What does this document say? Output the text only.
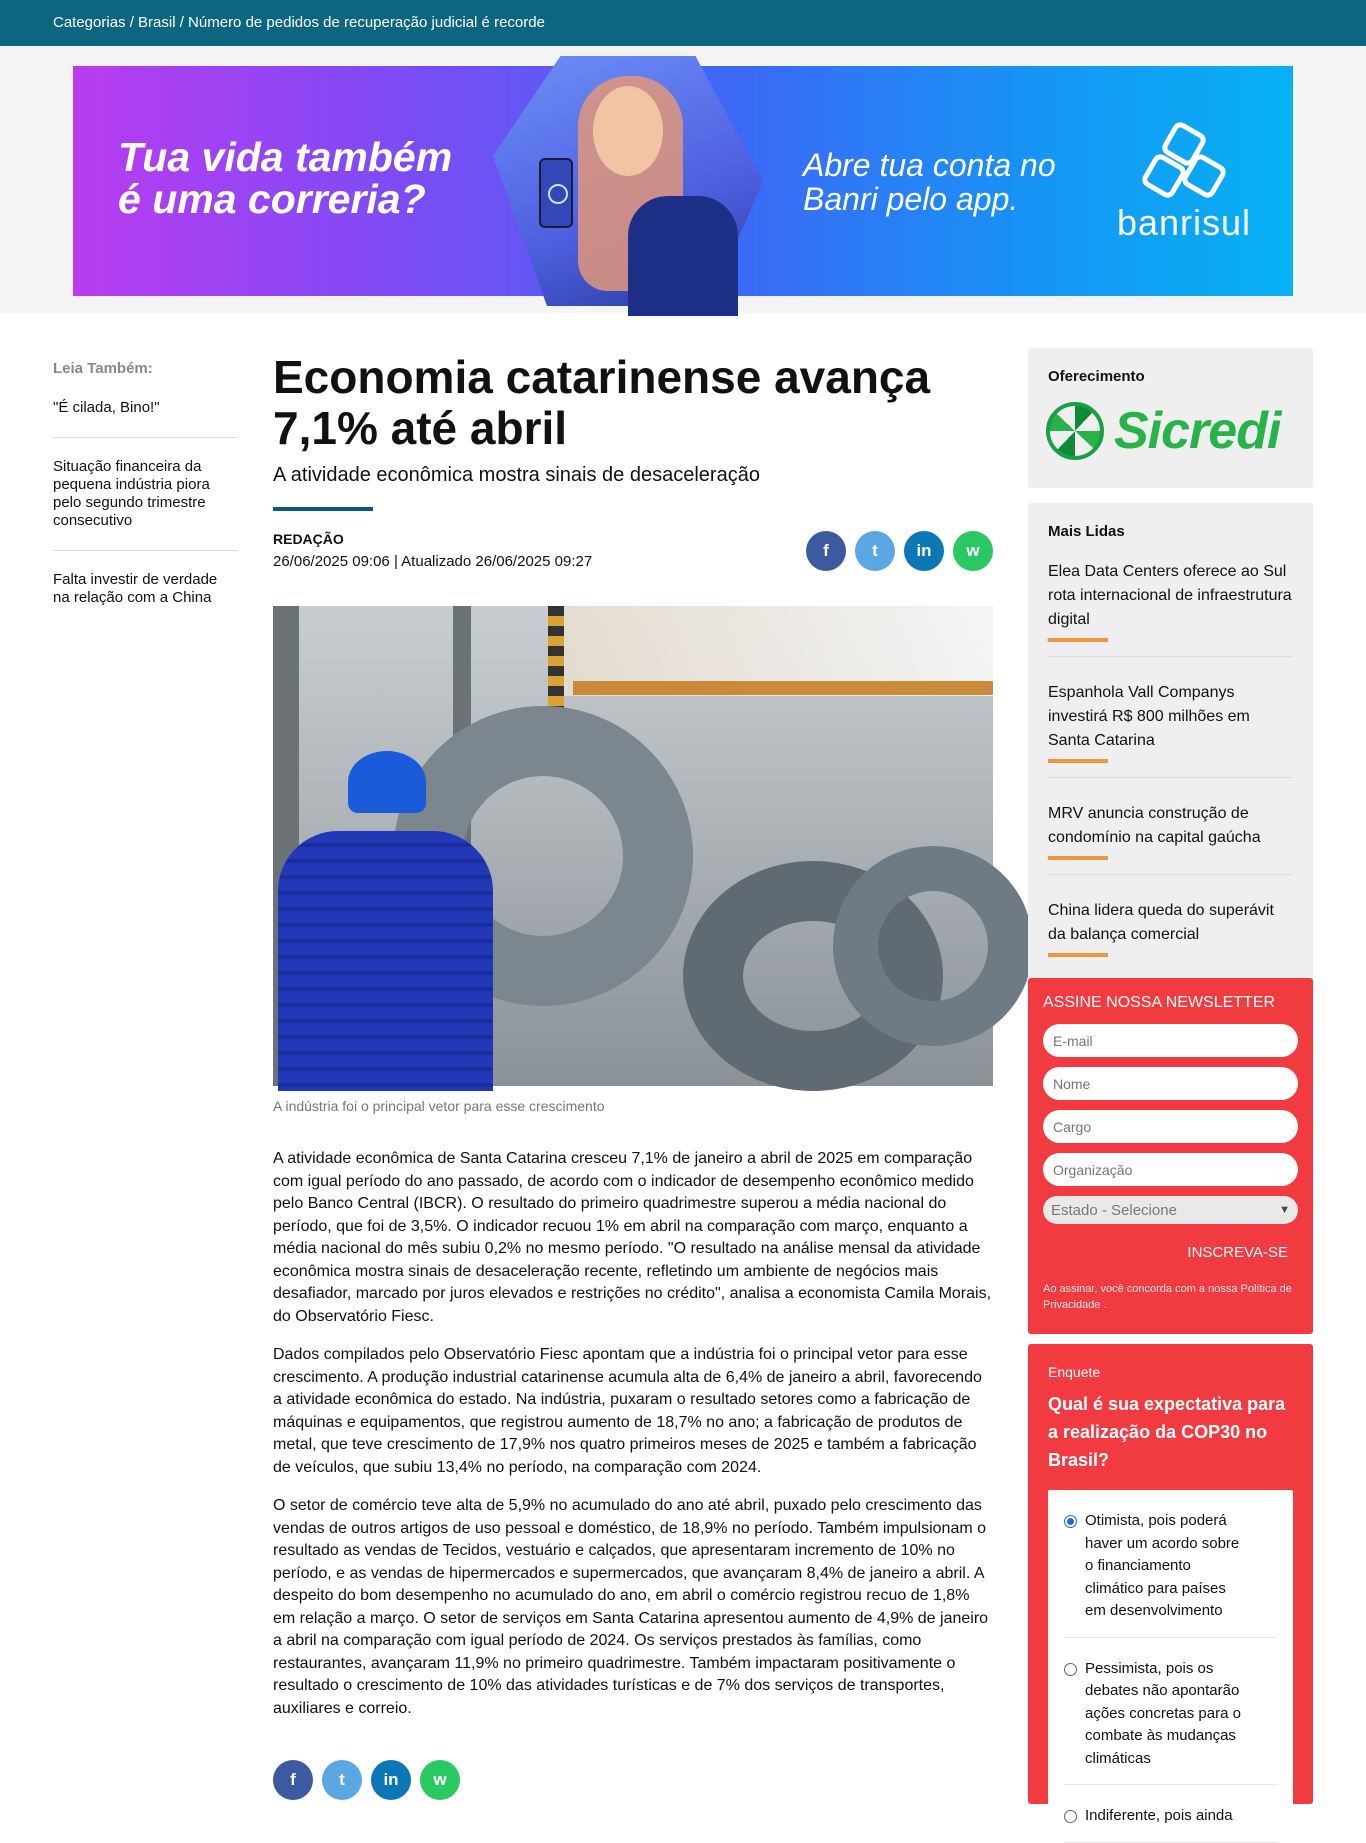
Categorias / Brasil / Número de pedidos de recuperação judicial é recorde
Tua vida também é uma correria?
Abre tua conta no Banri pelo app.
banrisul
Leia Também:
"É cilada, Bino!"
Situação financeira da pequena indústria piora pelo segundo trimestre consecutivo
Falta investir de verdade na relação com a China
Economia catarinense avança 7,1% até abril
A atividade econômica mostra sinais de desaceleração
REDAÇÃO
26/06/2025 09:06 | Atualizado 26/06/2025 09:27
f	t	in	w
A indústria foi o principal vetor para esse crescimento

A atividade econômica de Santa Catarina cresceu 7,1% de janeiro a abril de 2025 em comparação com igual período do ano passado, de acordo com o indicador de desempenho econômico medido pelo Banco Central (IBCR). O resultado do primeiro quadrimestre superou a média nacional do período, que foi de 3,5%. O indicador recuou 1% em abril na comparação com março, enquanto a média nacional do mês subiu 0,2% no mesmo período. "O resultado na análise mensal da atividade econômica mostra sinais de desaceleração recente, refletindo um ambiente de negócios mais desafiador, marcado por juros elevados e restrições no crédito", analisa a economista Camila Morais, do Observatório Fiesc.

Dados compilados pelo Observatório Fiesc apontam que a indústria foi o principal vetor para esse crescimento. A produção industrial catarinense acumula alta de 6,4% de janeiro a abril, favorecendo a atividade econômica do estado. Na indústria, puxaram o resultado setores como a fabricação de máquinas e equipamentos, que registrou aumento de 18,7% no ano; a fabricação de produtos de metal, que teve crescimento de 17,9% nos quatro primeiros meses de 2025 e também a fabricação de veículos, que subiu 13,4% no período, na comparação com 2024.

O setor de comércio teve alta de 5,9% no acumulado do ano até abril, puxado pelo crescimento das vendas de outros artigos de uso pessoal e doméstico, de 18,9% no período. Também impulsionam o resultado as vendas de Tecidos, vestuário e calçados, que apresentaram incremento de 10% no período, e as vendas de hipermercados e supermercados, que avançaram 8,4% de janeiro a abril. A despeito do bom desempenho no acumulado do ano, em abril o comércio registrou recuo de 1,8% em relação a março. O setor de serviços em Santa Catarina apresentou aumento de 4,9% de janeiro a abril na comparação com igual período de 2024. Os serviços prestados às famílias, como restaurantes, avançaram 11,9% no primeiro quadrimestre. Também impactaram positivamente o resultado o crescimento de 10% das atividades turísticas e de 7% dos serviços de transportes, auxiliares e correio.

f	t	in	w
Oferecimento
Sicredi
Mais Lidas
Elea Data Centers oferece ao Sul rota internacional de infraestrutura digital
Espanhola Vall Companys investirá R$ 800 milhões em Santa Catarina
MRV anuncia construção de condomínio na capital gaúcha
China lidera queda do superávit da balança comercial
ASSINE NOSSA NEWSLETTER
E-mail
Nome
Cargo
Organização
Estado - Selecione	▼
INSCREVA-SE
Ao assinar, você concorda com a nossa Política de Privacidade .
Enquete
Qual é sua expectativa para a realização da COP30 no Brasil?
Otimista, pois poderá haver um acordo sobre o financiamento climático para países em desenvolvimento
Pessimista, pois os debates não apontarão ações concretas para o combate às mudanças climáticas
Indiferente, pois ainda
